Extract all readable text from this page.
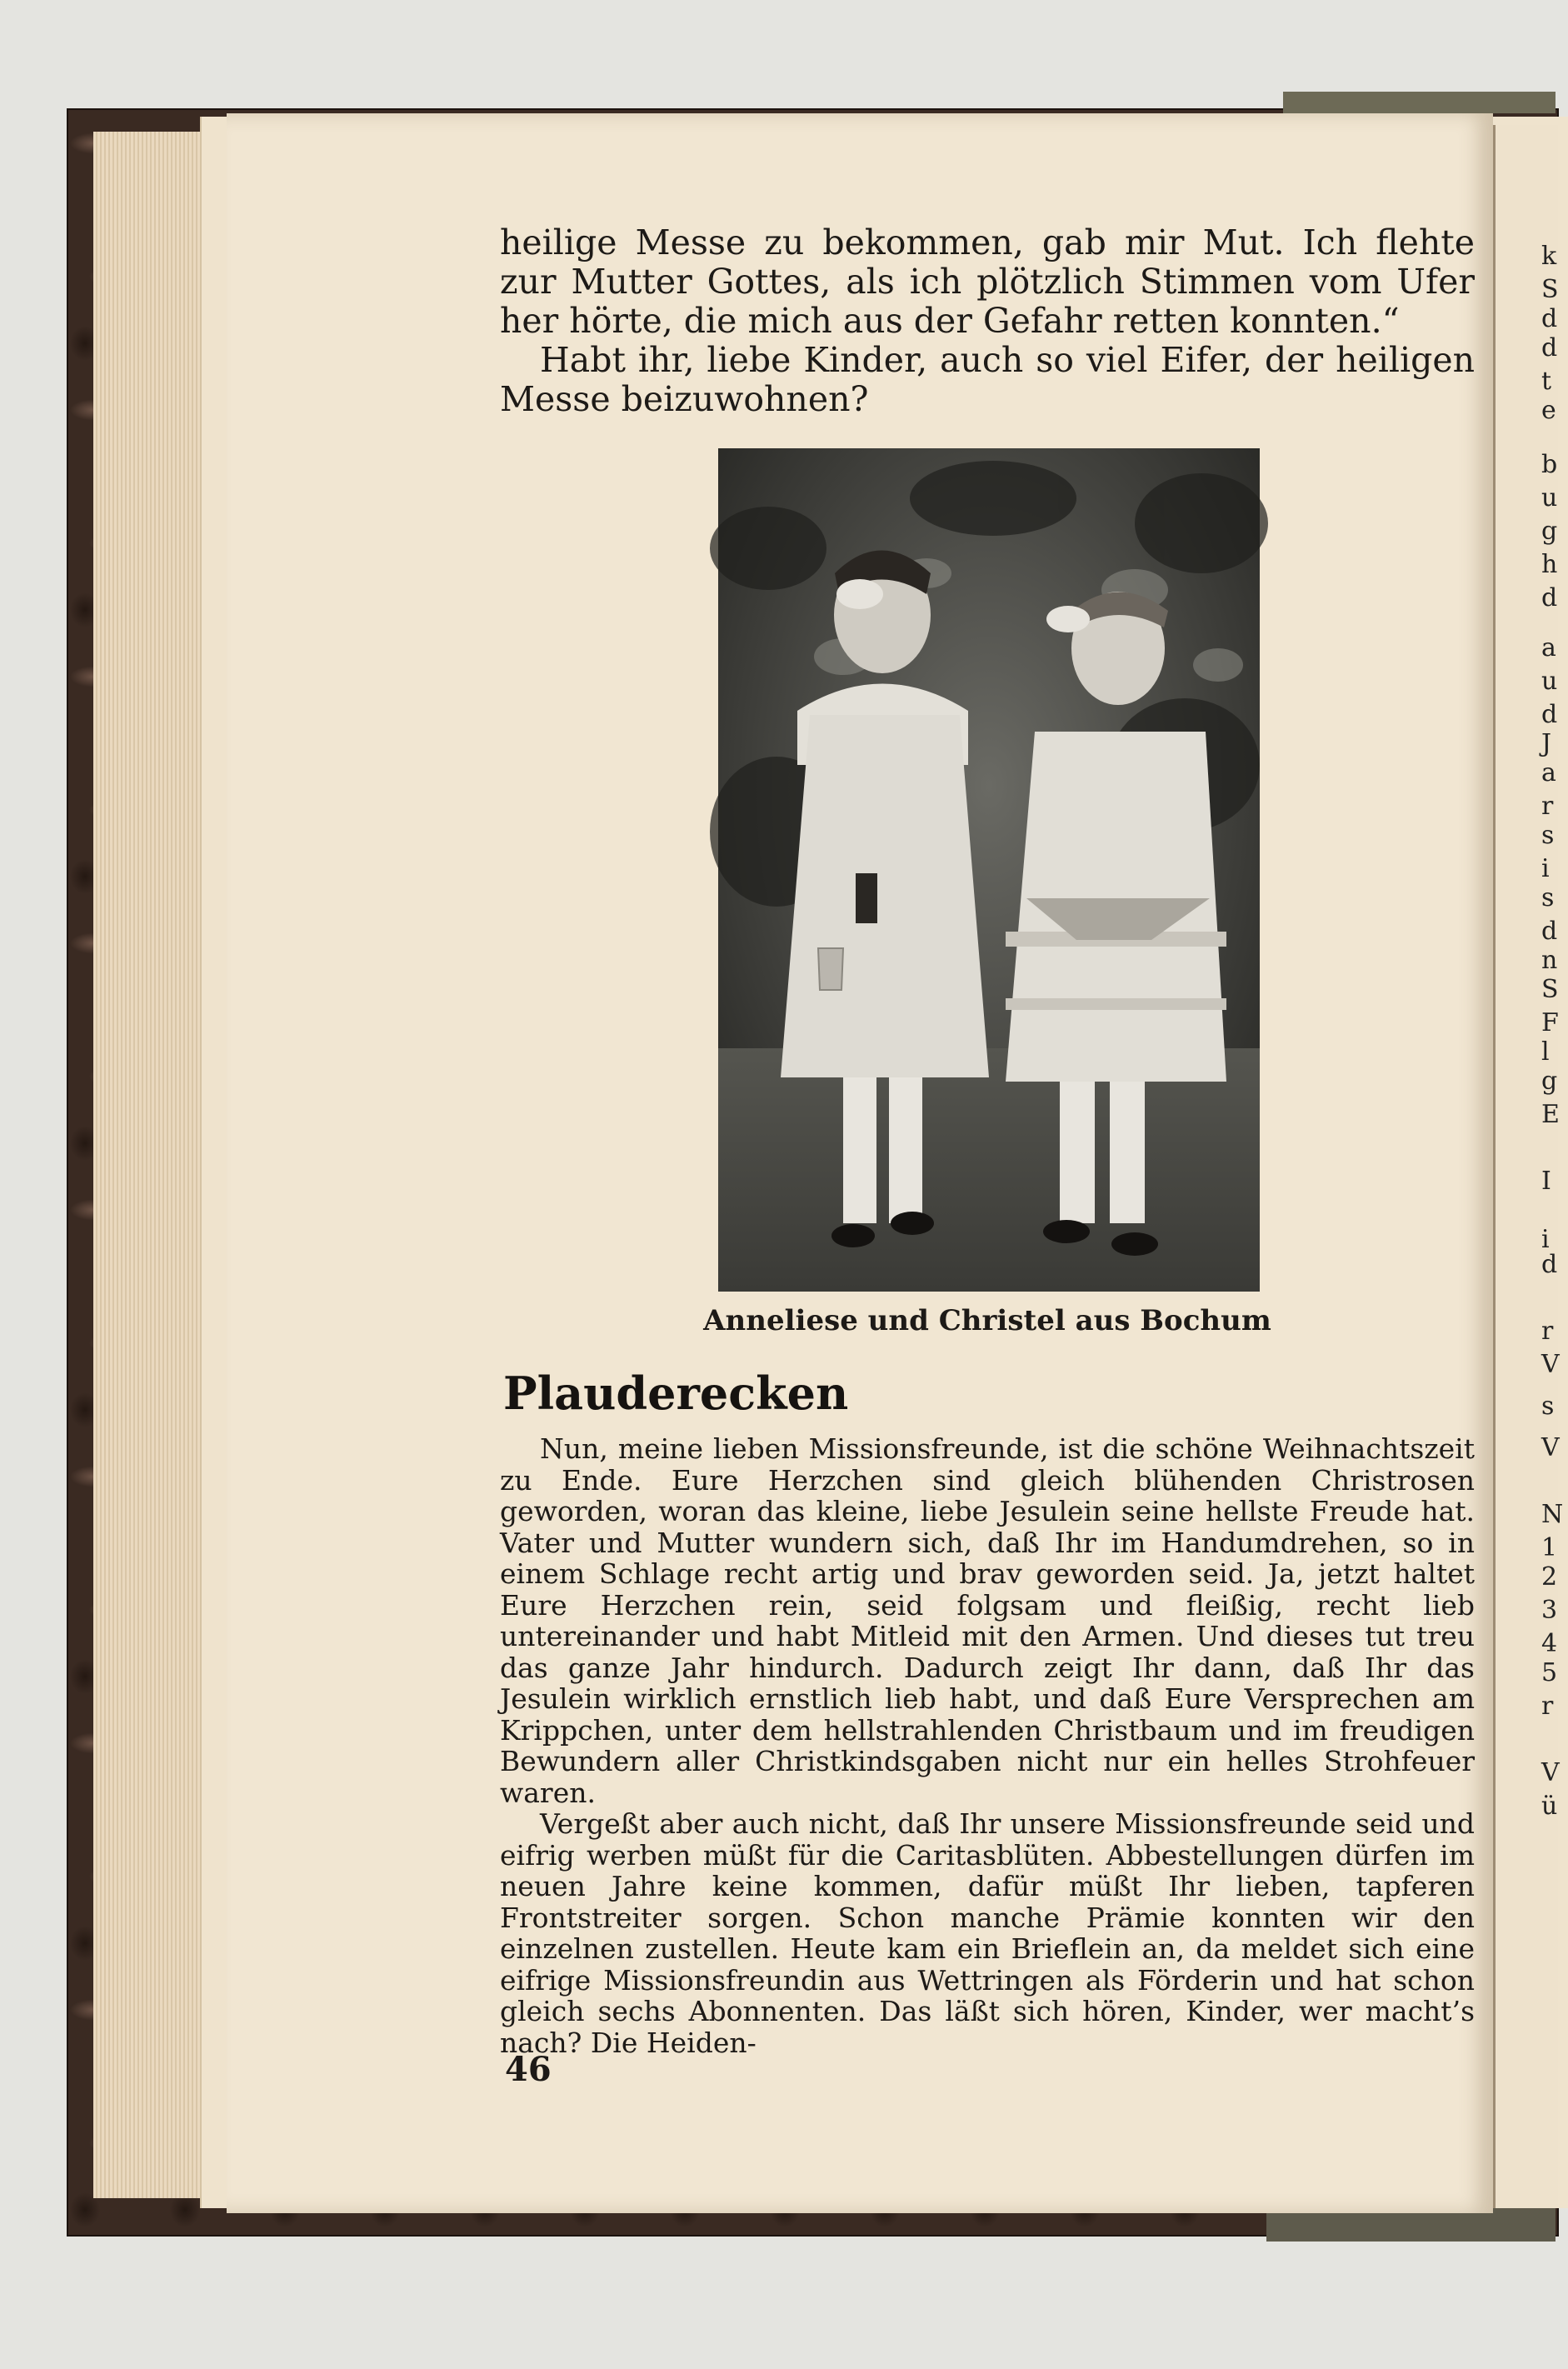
k
S
d
d
t
e
b
u
g
h
d
a
u
d
J
a
r
s
i
s
d
n
S
F
l
g
E
I
i
d
r
V
s
V
N
1
2
3
4
5
r
V
ü

heilige Messe zu bekommen, gab mir Mut. Ich flehte zur Mutter Gottes, als ich plötzlich Stimmen vom Ufer her hörte, die mich aus der Gefahr retten konnten.“

Habt ihr, liebe Kinder, auch so viel Eifer, der heiligen Messe beizuwohnen?

Anneliese und Christel aus Bochum
Plauderecken

Nun, meine lieben Missionsfreunde, ist die schöne Weihnachtszeit zu Ende. Eure Herzchen sind gleich blühenden Christrosen geworden, woran das kleine, liebe Jesulein seine hellste Freude hat. Vater und Mutter wundern sich, daß Ihr im Handumdrehen, so in einem Schlage recht artig und brav geworden seid. Ja, jetzt haltet Eure Herzchen rein, seid folgsam und fleißig, recht lieb untereinander und habt Mitleid mit den Armen. Und dieses tut treu das ganze Jahr hindurch. Dadurch zeigt Ihr dann, daß Ihr das Jesulein wirklich ernstlich lieb habt, und daß Eure Versprechen am Krippchen, unter dem hellstrahlenden Christbaum und im freudigen Bewundern aller Christkindsgaben nicht nur ein helles Strohfeuer waren.

Vergeßt aber auch nicht, daß Ihr unsere Missionsfreunde seid und eifrig werben müßt für die Caritasblüten. Abbestellungen dürfen im neuen Jahre keine kommen, dafür müßt Ihr lieben, tapferen Frontstreiter sorgen. Schon manche Prämie konnten wir den einzelnen zustellen. Heute kam ein Brieflein an, da meldet sich eine eifrige Missionsfreundin aus Wettringen als Förderin und hat schon gleich sechs Abonnenten. Das läßt sich hören, Kinder, wer macht’s nach? Die Heiden-

46
